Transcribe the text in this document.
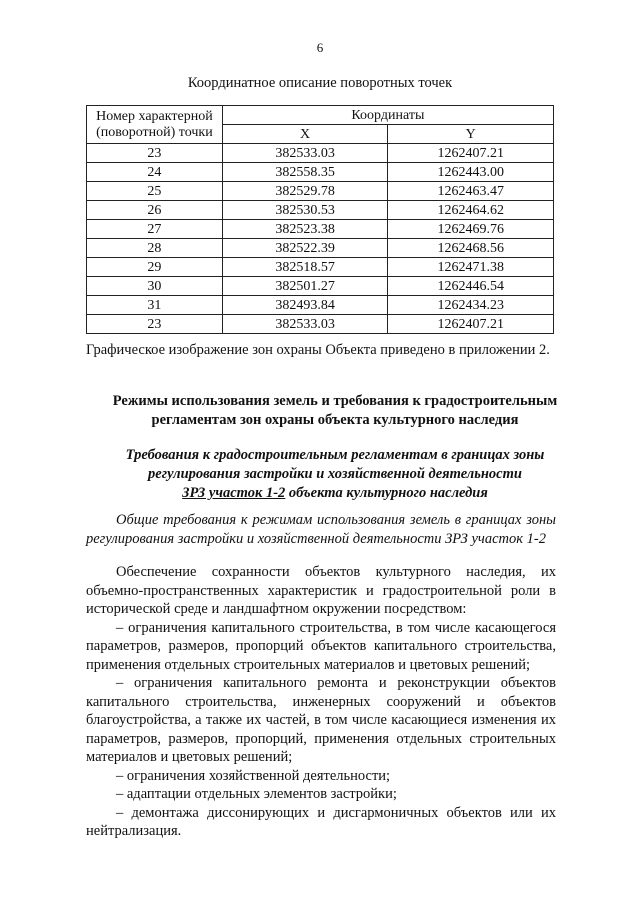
6
Координатное описание поворотных точек
Номер характерной
(поворотной) точки	Координаты	
	X	Y
23	382533.03	1262407.21
24	382558.35	1262443.00
25	382529.78	1262463.47
26	382530.53	1262464.62
27	382523.38	1262469.76
28	382522.39	1262468.56
29	382518.57	1262471.38
30	382501.27	1262446.54
31	382493.84	1262434.23
23	382533.03	1262407.21
Графическое изображение зон охраны Объекта приведено в приложении 2.
Режимы использования земель и требования к градостроительным
регламентам зон охраны объекта культурного наследия
Требования к градостроительным регламентам в границах зоны
регулирования застройки и хозяйственной деятельности
ЗРЗ участок 1-2 объекта культурного наследия
Общие требования к режимам использования земель в границах зоны регулирования застройки и хозяйственной деятельности ЗРЗ участок 1-2

Обеспечение сохранности объектов культурного наследия, их объемно-пространственных характеристик и градостроительной роли в исторической среде и ландшафтном окружении посредством:

– ограничения капитального строительства, в том числе касающегося параметров, размеров, пропорций объектов капитального строительства, применения отдельных строительных материалов и цветовых решений;

– ограничения капитального ремонта и реконструкции объектов капитального строительства, инженерных сооружений и объектов благоустройства, а также их частей, в том числе касающиеся изменения их параметров, размеров, пропорций, применения отдельных строительных материалов и цветовых решений;

– ограничения хозяйственной деятельности;

– адаптации отдельных элементов застройки;

– демонтажа диссонирующих и дисгармоничных объектов или их нейтрализация.
